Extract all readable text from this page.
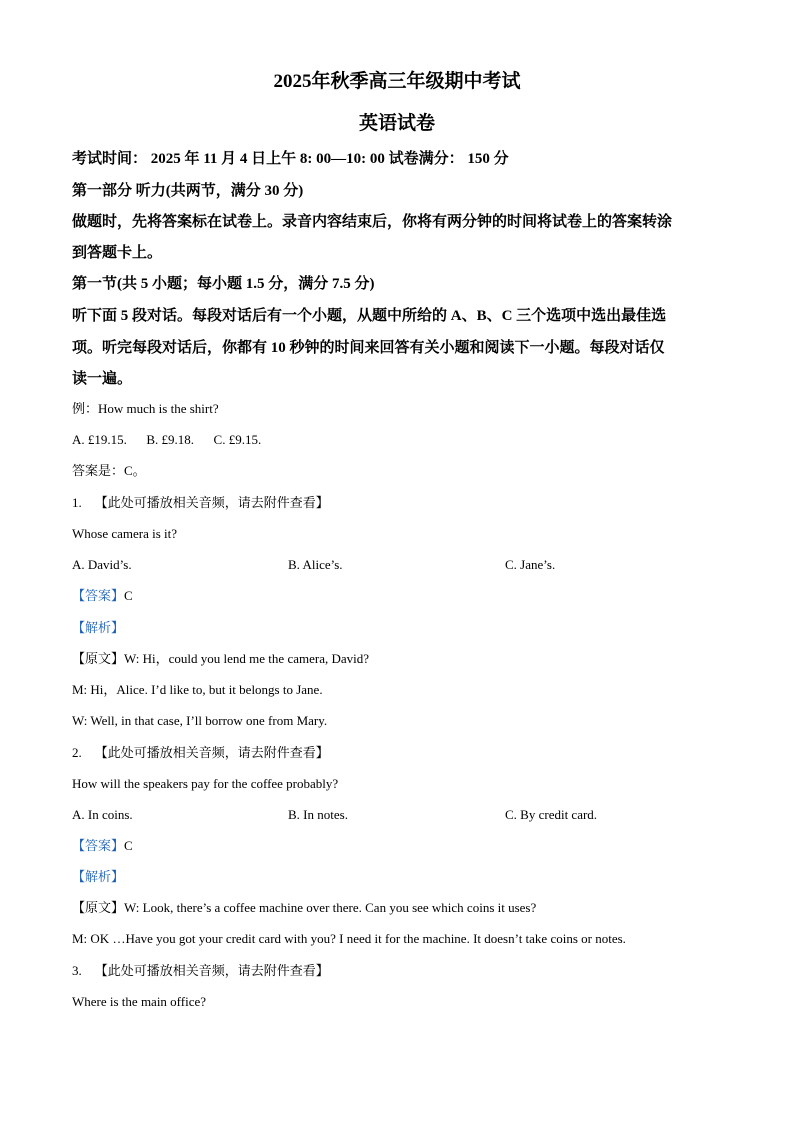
2025年秋季高三年级期中考试
英语试卷
考试时间： 2025 年 11 月 4 日上午 8: 00—10: 00 试卷满分： 150 分
第一部分 听力(共两节，满分 30 分)
做题时，先将答案标在试卷上。录音内容结束后，你将有两分钟的时间将试卷上的答案转涂
到答题卡上。
第一节(共 5 小题；每小题 1.5 分，满分 7.5 分)
听下面 5 段对话。每段对话后有一个小题，从题中所给的 A、B、C 三个选项中选出最佳选
项。听完每段对话后，你都有 10 秒钟的时间来回答有关小题和阅读下一小题。每段对话仅
读一遍。
例：How much is the shirt?
A. £19.15.      B. £9.18.      C. £9.15.
答案是：C。
1.    【此处可播放相关音频，请去附件查看】
Whose camera is it?
A. David’s.	B. Alice’s.	C. Jane’s.
【答案】C
【解析】
【原文】W: Hi，could you lend me the camera, David?
M: Hi，Alice. I’d like to, but it belongs to Jane.
W: Well, in that case, I’ll borrow one from Mary.
2.    【此处可播放相关音频，请去附件查看】
How will the speakers pay for the coffee probably?
A. In coins.	B. In notes.	C. By credit card.
【答案】C
【解析】
【原文】W: Look, there’s a coffee machine over there. Can you see which coins it uses?
M: OK …Have you got your credit card with you? I need it for the machine. It doesn’t take coins or notes.
3.    【此处可播放相关音频，请去附件查看】
Where is the main office?
